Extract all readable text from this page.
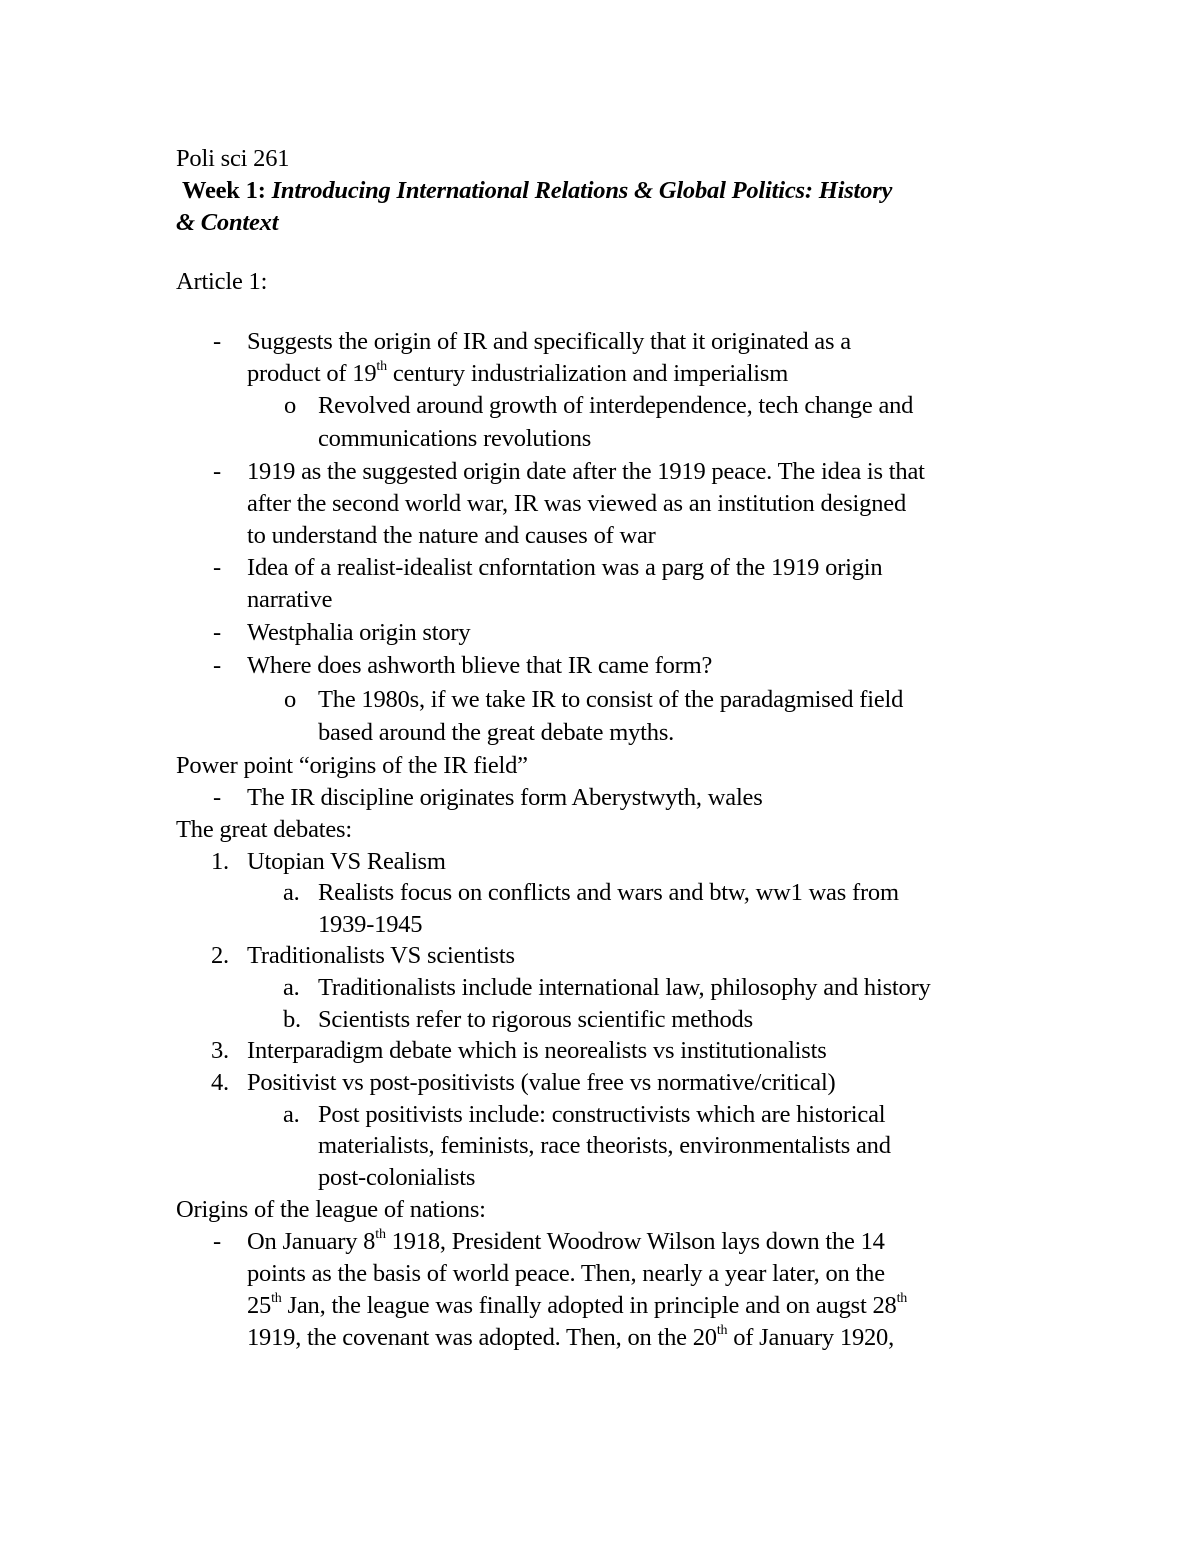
Poli sci 261
Week 1: Introducing International Relations & Global Politics: History
& Context
Article 1:
- Suggests the origin of IR and specifically that it originated as a
product of 19th century industrialization and imperialism
o Revolved around growth of interdependence, tech change and
communications revolutions
- 1919 as the suggested origin date after the 1919 peace. The idea is that
after the second world war, IR was viewed as an institution designed
to understand the nature and causes of war
- Idea of a realist-idealist cnforntation was a parg of the 1919 origin
narrative
- Westphalia origin story
- Where does ashworth blieve that IR came form?
o The 1980s, if we take IR to consist of the paradagmised field
based around the great debate myths.
Power point “origins of the IR field”
- The IR discipline originates form Aberystwyth, wales
The great debates:
1. Utopian VS Realism
a. Realists focus on conflicts and wars and btw, ww1 was from
1939-1945
2. Traditionalists VS scientists
a. Traditionalists include international law, philosophy and history
b. Scientists refer to rigorous scientific methods
3. Interparadigm debate which is neorealists vs institutionalists
4. Positivist vs post-positivists (value free vs normative/critical)
a. Post positivists include: constructivists which are historical
materialists, feminists, race theorists, environmentalists and
post-colonialists
Origins of the league of nations:
- On January 8th 1918, President Woodrow Wilson lays down the 14
points as the basis of world peace. Then, nearly a year later, on the
25th Jan, the league was finally adopted in principle and on augst 28th
1919, the covenant was adopted. Then, on the 20th of January 1920,
